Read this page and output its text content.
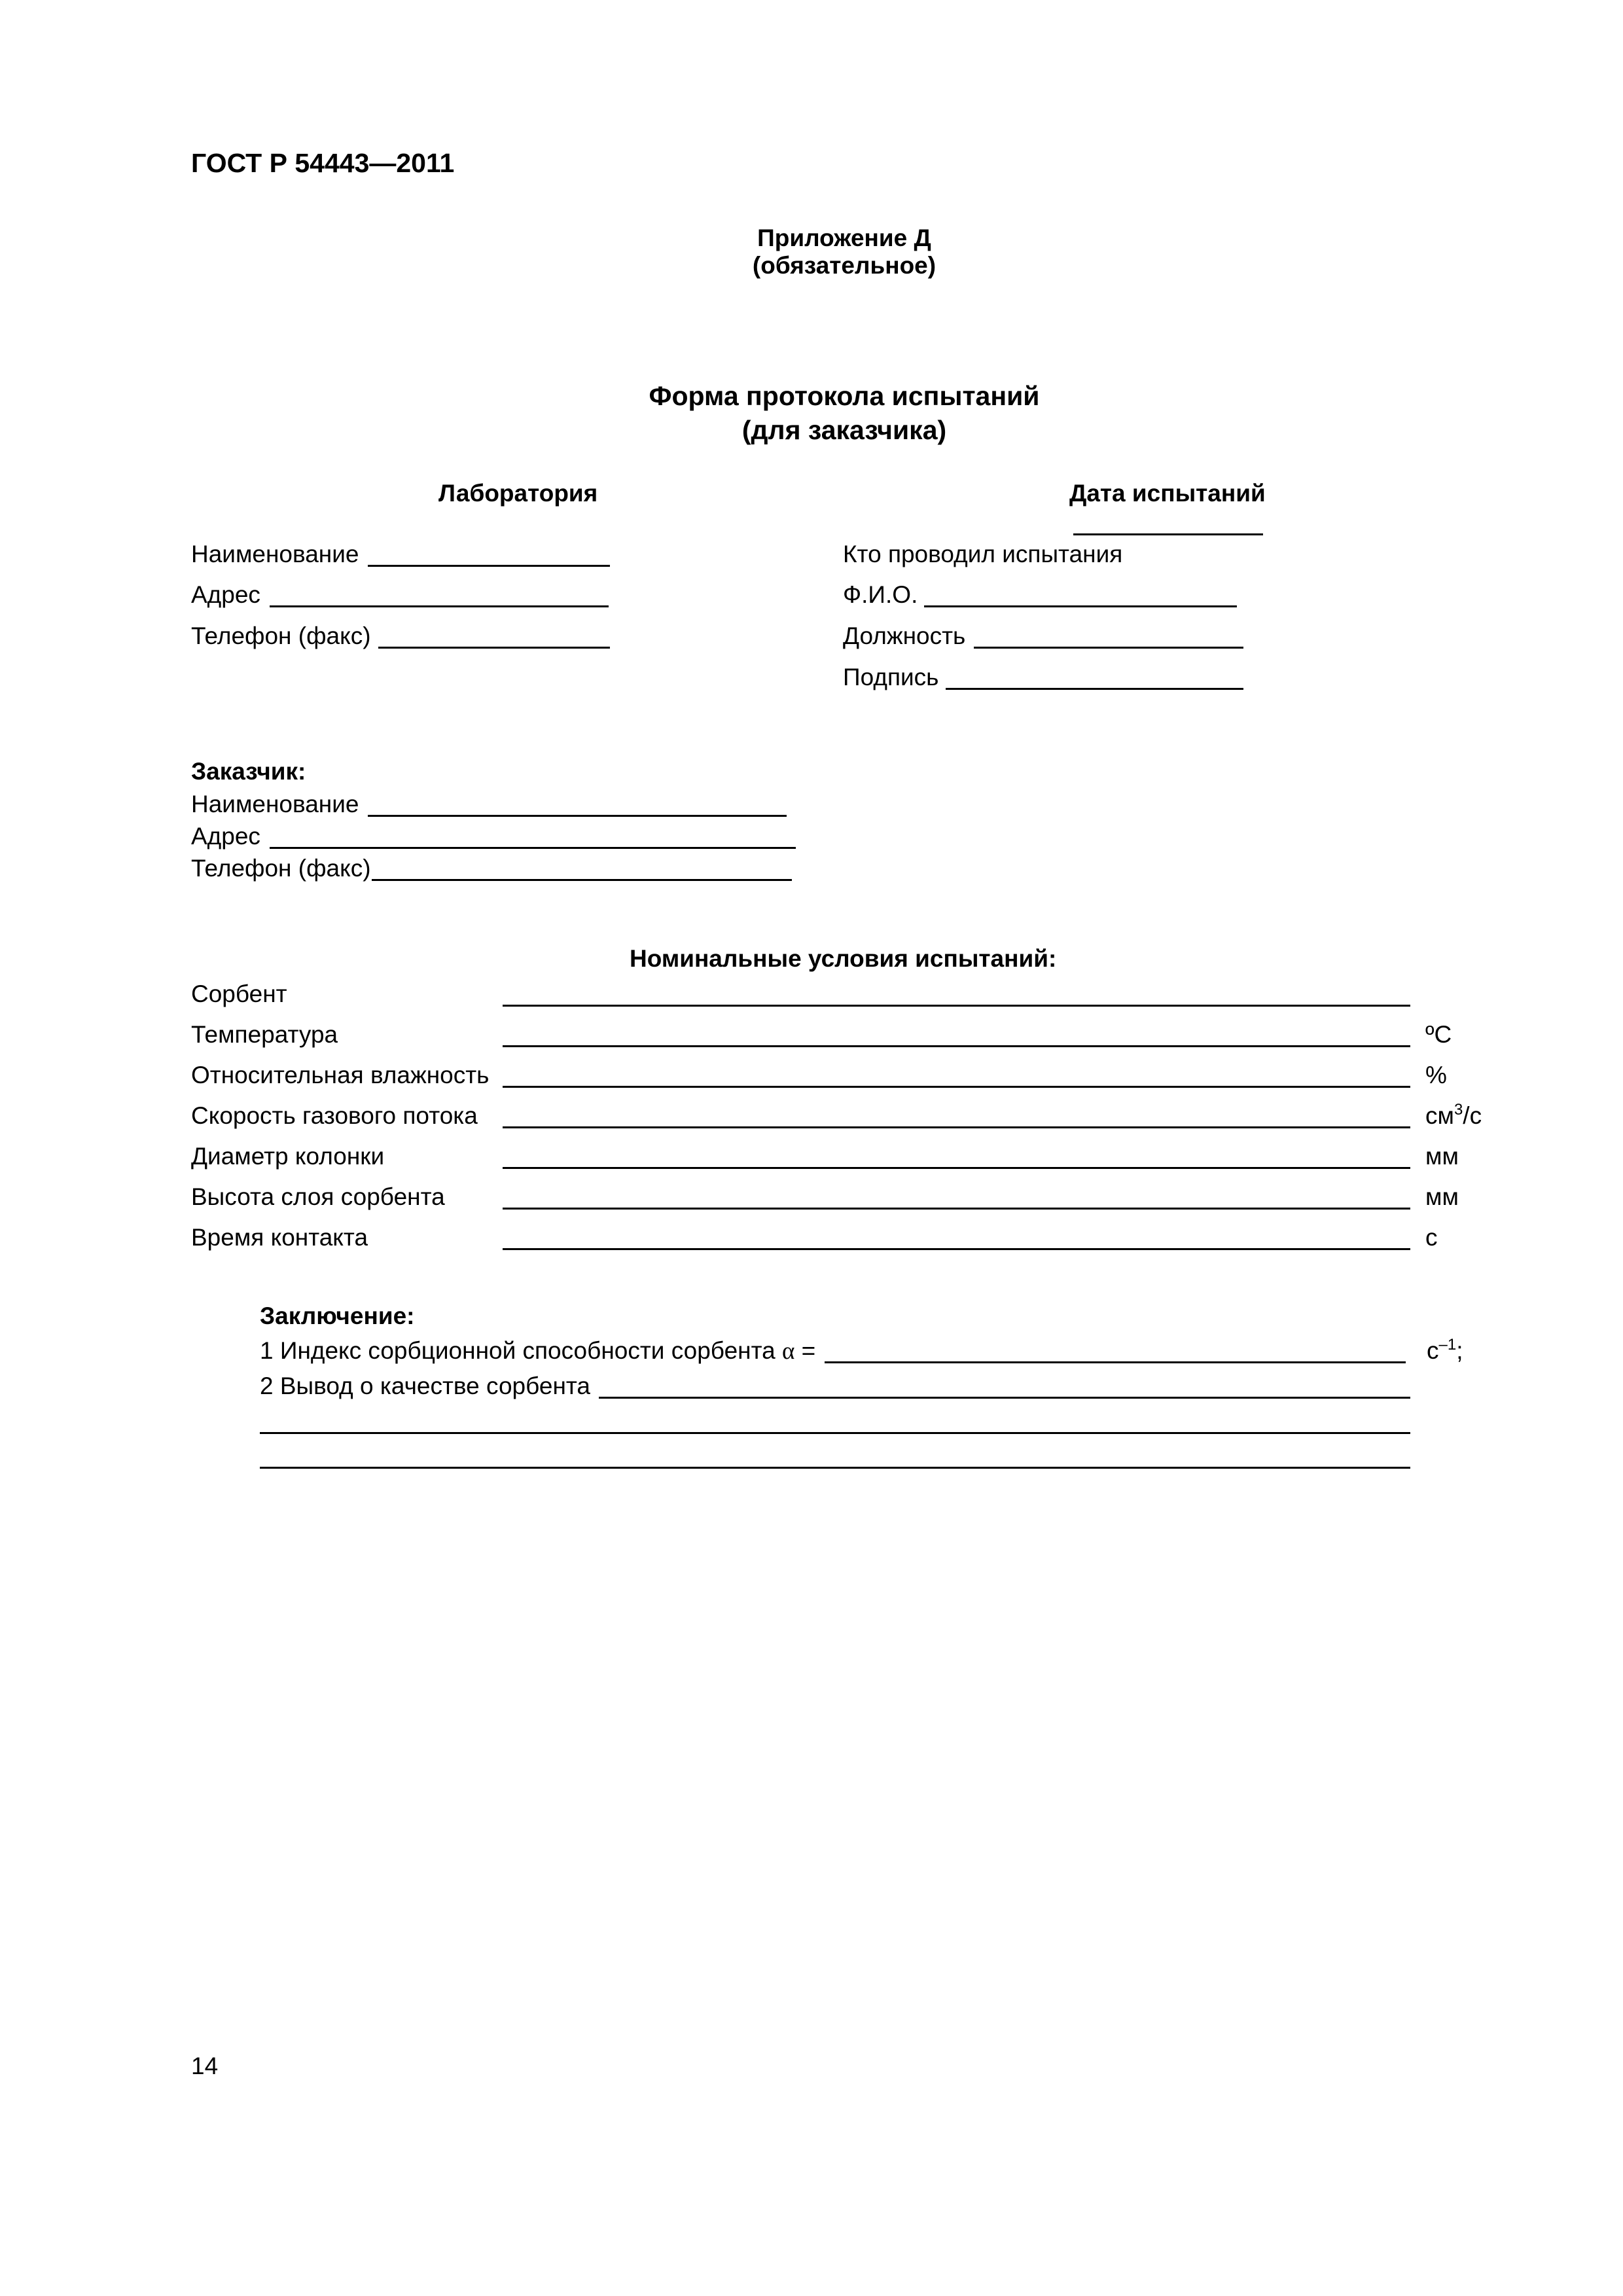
ГОСТ Р 54443—2011
Приложение Д
(обязательное)
Форма протокола испытаний
(для заказчика)
Лаборатория
Наименование
Адрес
Телефон (факс)
Дата испытаний
Кто проводил испытания
Ф.И.О.
Должность
Подпись
Заказчик:
Наименование
Адрес
Телефон (факс)
Номинальные условия испытаний:
Сорбент
Температура	ºС
Относительная влажность	%
Скорость газового потока	$см^3/с$
Диаметр колонки	мм
Высота слоя сорбента	мм
Время контакта	с
Заключение:
1 Индекс сорбционной способности сорбента α =	$с^{-1}$;
2 Вывод о качестве сорбента
14
